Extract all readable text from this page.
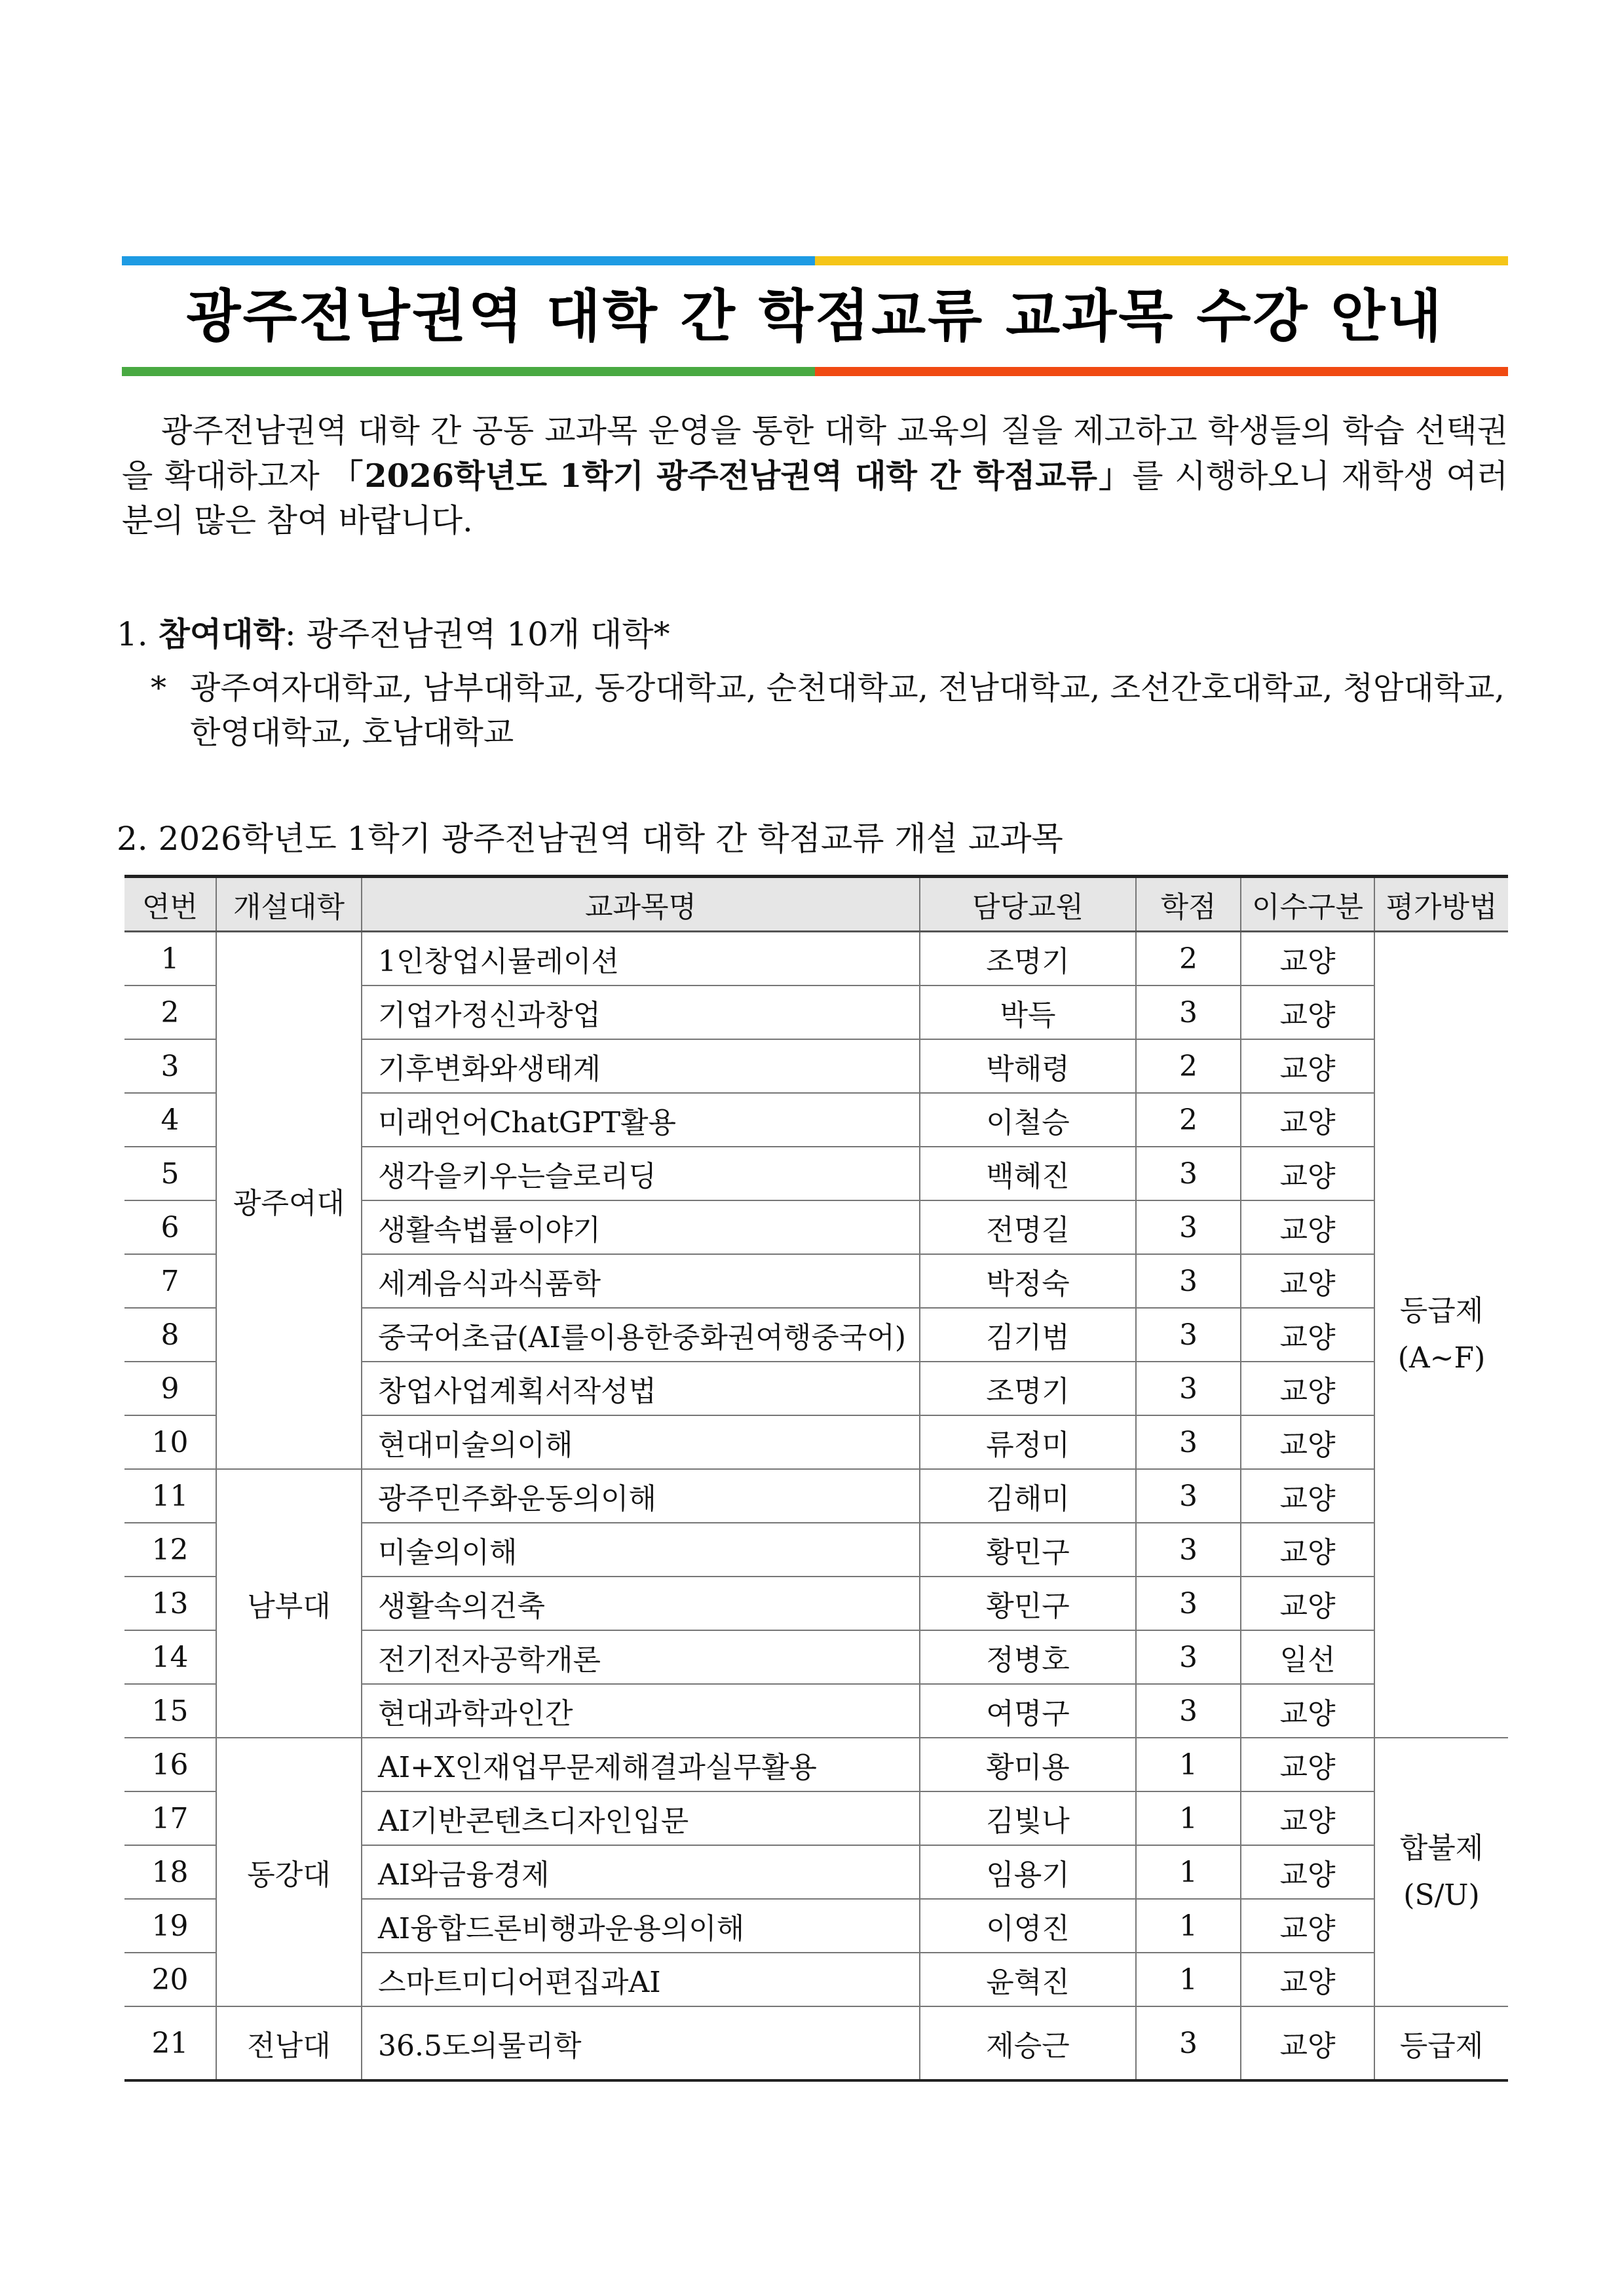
광주전남권역 대학 간 학점교류 교과목 수강 안내
광주전남권역 대학 간 공동 교과목 운영을 통한 대학 교육의 질을 제고하고 학생들의 학습 선택권을 확대하고자 「2026학년도 1학기 광주전남권역 대학 간 학점교류」를 시행하오니 재학생 여러분의 많은 참여 바랍니다.
1. 참여대학: 광주전남권역 10개 대학*
* 광주여자대학교, 남부대학교, 동강대학교, 순천대학교, 전남대학교, 조선간호대학교, 청암대학교, 한영대학교, 호남대학교
2. 2026학년도 1학기 광주전남권역 대학 간 학점교류 개설 교과목
연번	개설대학	교과목명	담당교원	학점	이수구분	평가방법
1	광주여대	1인창업시뮬레이션	조명기	2	교양	등급제
(A~F)

2		기업가정신과창업	박득	3	교양	
3		기후변화와생태계	박해령	2	교양	
4		미래언어ChatGPT활용	이철승	2	교양	
5		생각을키우는슬로리딩	백혜진	3	교양	
6		생활속법률이야기	전명길	3	교양	
7		세계음식과식품학	박정숙	3	교양	
8		중국어초급(AI를이용한중화권여행중국어)	김기범	3	교양	
9		창업사업계획서작성법	조명기	3	교양	
10		현대미술의이해	류정미	3	교양	
11	남부대	광주민주화운동의이해	김해미	3	교양	
12		미술의이해	황민구	3	교양	
13		생활속의건축	황민구	3	교양	
14		전기전자공학개론	정병호	3	일선	
15		현대과학과인간	여명구	3	교양	
16	동강대	AI+X인재업무문제해결과실무활용	황미용	1	교양	합불제
(S/U)

17		AI기반콘텐츠디자인입문	김빛나	1	교양	
18		AI와금융경제	임용기	1	교양	
19		AI융합드론비행과운용의이해	이영진	1	교양	
20		스마트미디어편집과AI	윤혁진	1	교양	
21	전남대	36.5도의물리학	제승근	3	교양	등급제
